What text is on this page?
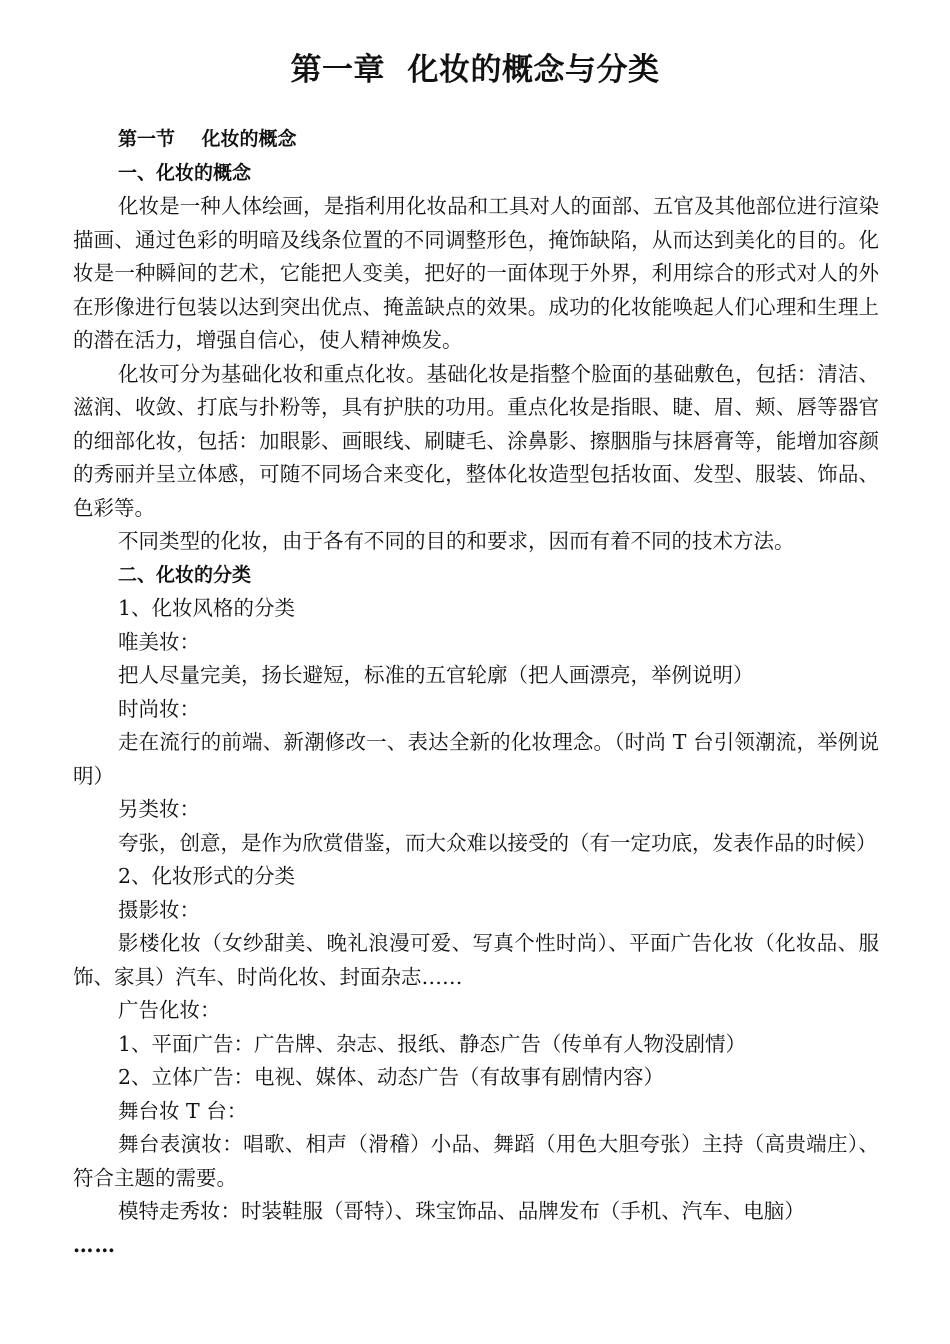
第一章  化妆的概念与分类

第一节    化妆的概念

一、化妆的概念

化妆是一种人体绘画，是指利用化妆品和工具对人的面部、五官及其他部位进行渲染描画、通过色彩的明暗及线条位置的不同调整形色，掩饰缺陷，从而达到美化的目的。化妆是一种瞬间的艺术，它能把人变美，把好的一面体现于外界，利用综合的形式对人的外在形像进行包装以达到突出优点、掩盖缺点的效果。成功的化妆能唤起人们心理和生理上的潜在活力，增强自信心，使人精神焕发。

化妆可分为基础化妆和重点化妆。基础化妆是指整个脸面的基础敷色，包括：清洁、滋润、收敛、打底与扑粉等，具有护肤的功用。重点化妆是指眼、睫、眉、颊、唇等器官的细部化妆，包括：加眼影、画眼线、刷睫毛、涂鼻影、擦胭脂与抹唇膏等，能增加容颜的秀丽并呈立体感，可随不同场合来变化，整体化妆造型包括妆面、发型、服装、饰品、色彩等。

不同类型的化妆，由于各有不同的目的和要求，因而有着不同的技术方法。

二、化妆的分类

1、化妆风格的分类

唯美妆：

把人尽量完美，扬长避短，标准的五官轮廓（把人画漂亮，举例说明）

时尚妆：

走在流行的前端、新潮修改一、表达全新的化妆理念。（时尚 T 台引领潮流，举例说明）

另类妆：

夸张，创意，是作为欣赏借鉴，而大众难以接受的（有一定功底，发表作品的时候）

2、化妆形式的分类

摄影妆：

影楼化妆（女纱甜美、晚礼浪漫可爱、写真个性时尚）、平面广告化妆（化妆品、服饰、家具）汽车、时尚化妆、封面杂志……

广告化妆：

1、平面广告：广告牌、杂志、报纸、静态广告（传单有人物没剧情）

2、立体广告：电视、媒体、动态广告（有故事有剧情内容）

舞台妆 T 台：

舞台表演妆：唱歌、相声（滑稽）小品、舞蹈（用色大胆夸张）主持（高贵端庄）、符合主题的需要。

模特走秀妆：时装鞋服（哥特）、珠宝饰品、品牌发布（手机、汽车、电脑）

……
